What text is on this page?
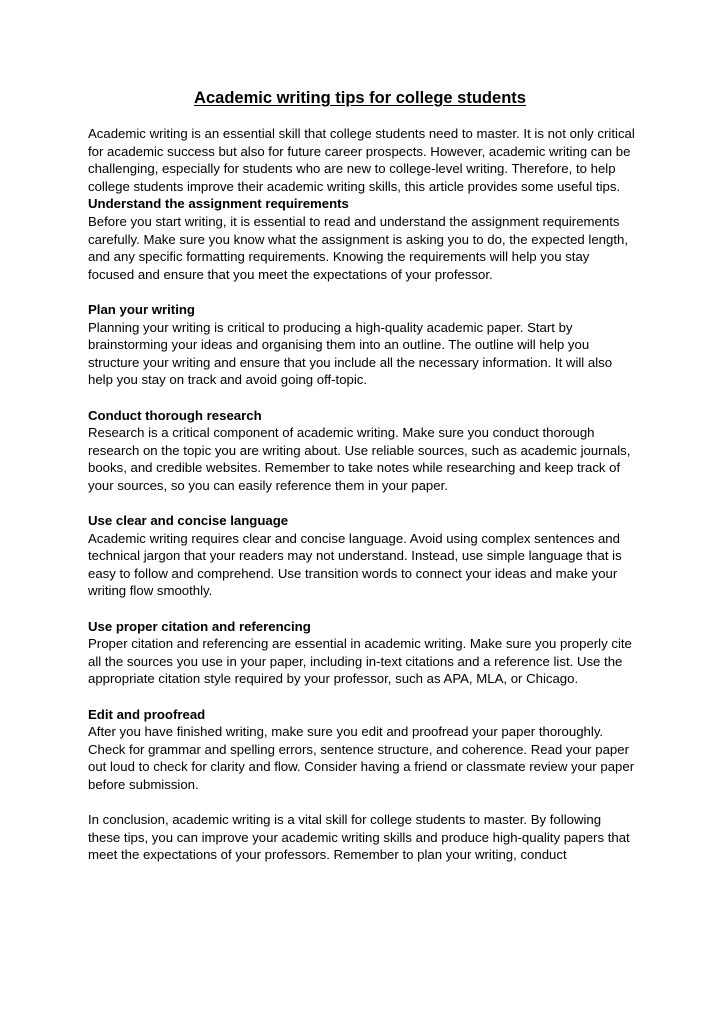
Academic writing tips for college students

Academic writing is an essential skill that college students need to master. It is not only critical for academic success but also for future career prospects. However, academic writing can be challenging, especially for students who are new to college-level writing. Therefore, to help college students improve their academic writing skills, this article provides some useful tips.

Understand the assignment requirements

Before you start writing, it is essential to read and understand the assignment requirements carefully. Make sure you know what the assignment is asking you to do, the expected length, and any specific formatting requirements. Knowing the requirements will help you stay focused and ensure that you meet the expectations of your professor.

Plan your writing

Planning your writing is critical to producing a high-quality academic paper. Start by brainstorming your ideas and organising them into an outline. The outline will help you structure your writing and ensure that you include all the necessary information. It will also help you stay on track and avoid going off-topic.

Conduct thorough research

Research is a critical component of academic writing. Make sure you conduct thorough research on the topic you are writing about. Use reliable sources, such as academic journals, books, and credible websites. Remember to take notes while researching and keep track of your sources, so you can easily reference them in your paper.

Use clear and concise language

Academic writing requires clear and concise language. Avoid using complex sentences and technical jargon that your readers may not understand. Instead, use simple language that is easy to follow and comprehend. Use transition words to connect your ideas and make your writing flow smoothly.

Use proper citation and referencing

Proper citation and referencing are essential in academic writing. Make sure you properly cite all the sources you use in your paper, including in-text citations and a reference list. Use the appropriate citation style required by your professor, such as APA, MLA, or Chicago.

Edit and proofread

After you have finished writing, make sure you edit and proofread your paper thoroughly. Check for grammar and spelling errors, sentence structure, and coherence. Read your paper out loud to check for clarity and flow. Consider having a friend or classmate review your paper before submission.

In conclusion, academic writing is a vital skill for college students to master. By following these tips, you can improve your academic writing skills and produce high-quality papers that meet the expectations of your professors. Remember to plan your writing, conduct
